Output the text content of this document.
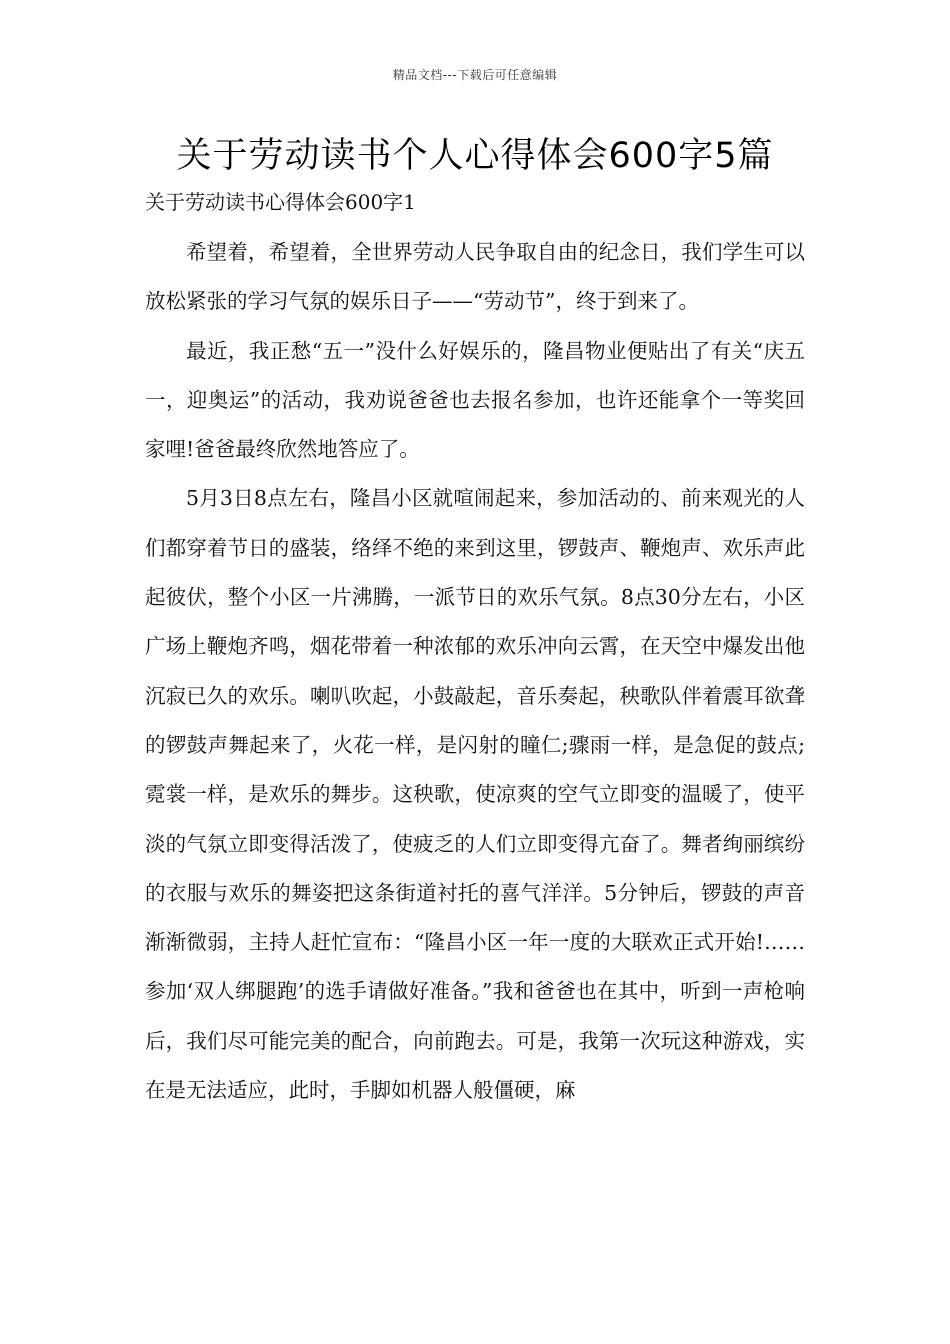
精品文档---下载后可任意编辑
关于劳动读书个人心得体会600字5篇
关于劳动读书心得体会600字1

希望着，希望着，全世界劳动人民争取自由的纪念日，我们学生可以放松紧张的学习气氛的娱乐日子——“劳动节”，终于到来了。

最近，我正愁“五一”没什么好娱乐的，隆昌物业便贴出了有关“庆五一，迎奥运”的活动，我劝说爸爸也去报名参加，也许还能拿个一等奖回家哩!爸爸最终欣然地答应了。

5月3日8点左右，隆昌小区就喧闹起来，参加活动的、前来观光的人们都穿着节日的盛装，络绎不绝的来到这里，锣鼓声、鞭炮声、欢乐声此起彼伏，整个小区一片沸腾，一派节日的欢乐气氛。8点30分左右，小区广场上鞭炮齐鸣，烟花带着一种浓郁的欢乐冲向云霄，在天空中爆发出他沉寂已久的欢乐。喇叭吹起，小鼓敲起，音乐奏起，秧歌队伴着震耳欲聋的锣鼓声舞起来了，火花一样，是闪射的瞳仁;骤雨一样，是急促的鼓点;霓裳一样，是欢乐的舞步。这秧歌，使凉爽的空气立即变的温暖了，使平淡的气氛立即变得活泼了，使疲乏的人们立即变得亢奋了。舞者绚丽缤纷的衣服与欢乐的舞姿把这条街道衬托的喜气洋洋。5分钟后，锣鼓的声音渐渐微弱，主持人赶忙宣布：“隆昌小区一年一度的大联欢正式开始!……参加‘双人绑腿跑’的选手请做好准备。”我和爸爸也在其中，听到一声枪响后，我们尽可能完美的配合，向前跑去。可是，我第一次玩这种游戏，实在是无法适应，此时，手脚如机器人般僵硬，麻
